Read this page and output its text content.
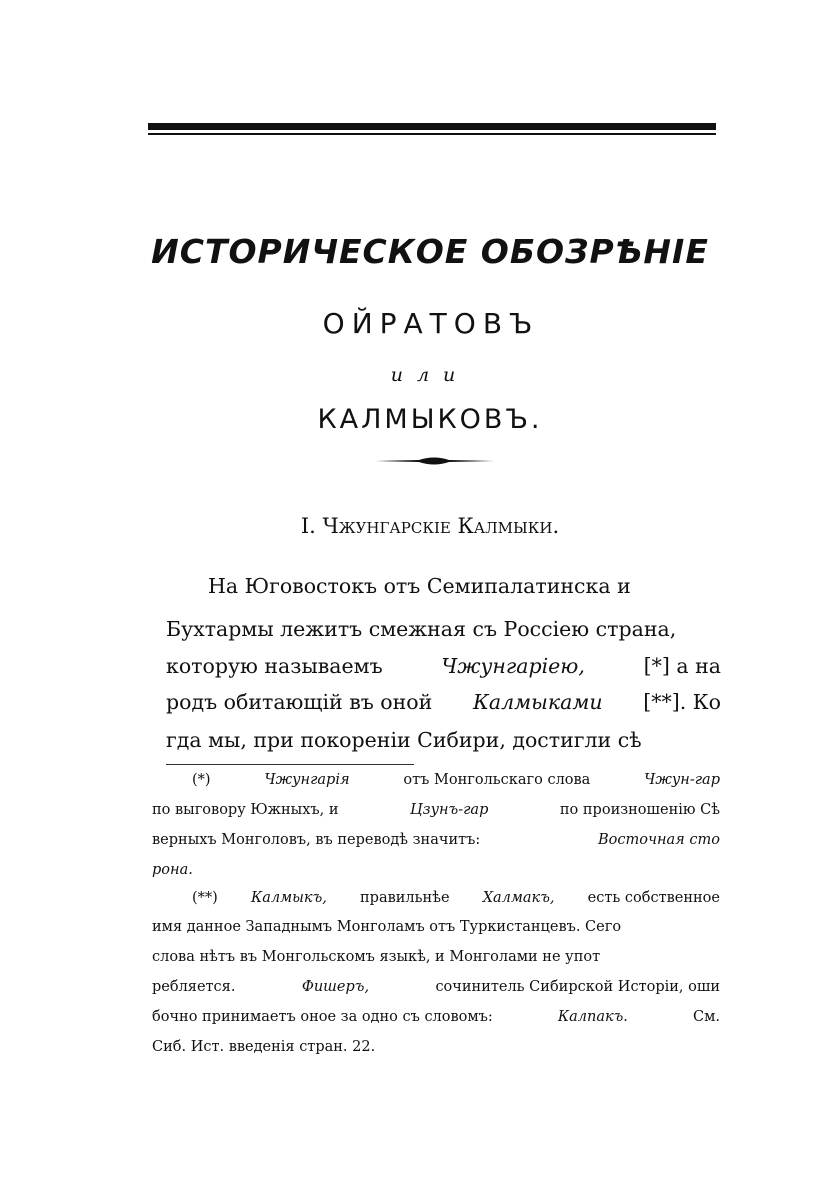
ИСТОРИЧЕСКОЕ ОБОЗРѢНІЕ
ОЙРАТОВЪ
или
КАЛМЫКОВЪ.
I. Чжунгарскіе Калмыки.
На Юговостокъ отъ Семипалатинска и
Бухтармы лежитъ смежная съ Россіею страна,
которую называемъ	Чжунгаріею,	[*] а на
родъ обитающій въ оной Калмыками [**]. Ко
гда мы, при покореніи Сибири, достигли сѣ
(*)	Чжунгарія	отъ Монгольскаго слова	Чжун-гар
по выговору Южныхъ, и	Цзунъ-гар	по произношенію Сѣ
верныхъ Монголовъ, въ переводѣ значитъ:	Восточная сто
рона.
(**) Калмыкъ, правильнѣе Халмакъ, есть собственное
имя данное Западнымъ Монголамъ отъ Туркистанцевъ. Сего
слова нѣтъ въ Монгольскомъ языкѣ, и Монголами не упот
ребляется.	Фишеръ,	сочинитель Сибирской Исторіи, оши
бочно принимаетъ оное за одно съ словомъ:	Калпакъ.	См.
Сиб. Ист. введенія стран. 22.
